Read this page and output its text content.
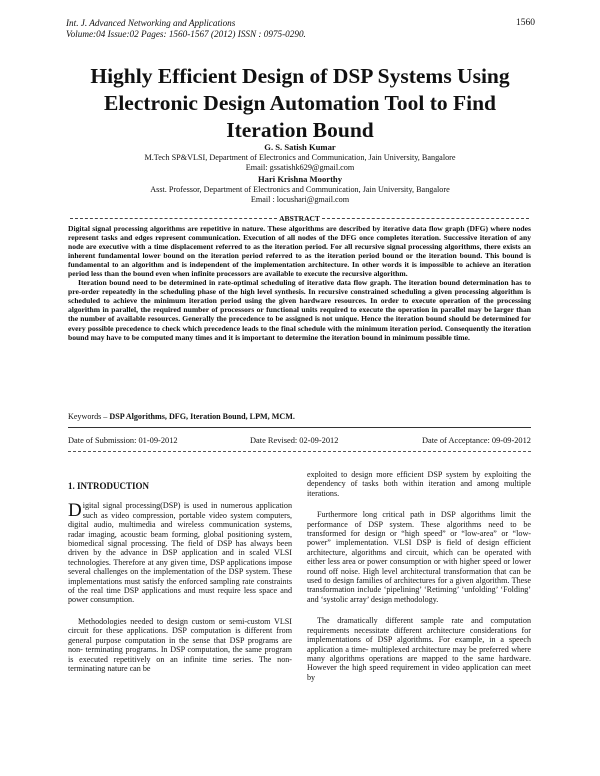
Int. J. Advanced Networking and Applications
Volume:04 Issue:02 Pages: 1560-1567 (2012) ISSN : 0975-0290.
1560
Highly Efficient Design of DSP Systems Using
Electronic Design Automation Tool to Find
Iteration Bound
G. S. Satish Kumar
M.Tech SP&VLSI, Department of Electronics and Communication, Jain University, Bangalore
Email: gssatishk629@gmail.com
Hari Krishna Moorthy
Asst. Professor, Department of Electronics and Communication, Jain University, Bangalore
Email : locushari@gmail.com
ABSTRACT

Digital signal processing algorithms are repetitive in nature. These algorithms are described by iterative data flow graph (DFG) where nodes represent tasks and edges represent communication. Execution of all nodes of the DFG once completes iteration. Successive iteration of any node are executive with a time displacement referred to as the iteration period. For all recursive signal processing algorithms, there exists an inherent fundamental lower bound on the iteration period referred to as the iteration period bound or the iteration bound. This bound is fundamental to an algorithm and is independent of the implementation architecture. In other words it is impossible to achieve an iteration period less than the bound even when infinite processors are available to execute the recursive algorithm.

Iteration bound need to be determined in rate-optimal scheduling of iterative data flow graph. The iteration bound determination has to pre-order repeatedly in the scheduling phase of the high level synthesis. In recursive constrained scheduling a given processing algorithm is scheduled to achieve the minimum iteration period using the given hardware resources. In order to execute operation of the processing algorithm in parallel, the required number of processors or functional units required to execute the operation in parallel may be larger than the number of available resources. Generally the precedence to be assigned is not unique. Hence the iteration bound should be determined for every possible precedence to check which precedence leads to the final schedule with the minimum iteration period. Consequently the iteration bound may have to be computed many times and it is important to determine the iteration bound in minimum possible time.

Keywords – DSP Algorithms, DFG, Iteration Bound, LPM, MCM.
Date of Submission: 01-09-2012	Date Revised: 02-09-2012	Date of Acceptance: 09-09-2012

1. INTRODUCTION

Digital signal processing(DSP) is used in numerous application such as video compression, portable video system computers, digital audio, multimedia and wireless communication systems, radar imaging, acoustic beam forming, global positioning system, biomedical signal processing. The field of DSP has always been driven by the advance in DSP application and in scaled VLSI technologies. Therefore at any given time, DSP applications impose several challenges on the implementation of the DSP system. These implementations must satisfy the enforced sampling rate constraints of the real time DSP applications and must require less space and power consumption.

Methodologies needed to design custom or semi-custom VLSI circuit for these applications. DSP computation is different from general purpose computation in the sense that DSP programs are non- terminating programs. In DSP computation, the same program is executed repetitively on an infinite time series. The non-terminating nature can be

exploited to design more efficient DSP system by exploiting the dependency of tasks both within iteration and among multiple iterations.

Furthermore long critical path in DSP algorithms limit the performance of DSP system. These algorithms need to be transformed for design or “high speed” or “low-area” or “low-power” implementation. VLSI DSP is field of design efficient architecture, algorithms and circuit, which can be operated with either less area or power consumption or with higher speed or lower round off noise. High level architectural transformation that can be used to design families of architectures for a given algorithm. These transformation include ‘pipelining’ ‘Retiming’ ‘unfolding’ ‘Folding’ and ‘systolic array’ design methodology.

The dramatically different sample rate and computation requirements necessitate different architecture considerations for implementations of DSP algorithms. For example, in a speech application a time- multiplexed architecture may be preferred where many algorithms operations are mapped to the same hardware. However the high speed requirement in video application can meet by
